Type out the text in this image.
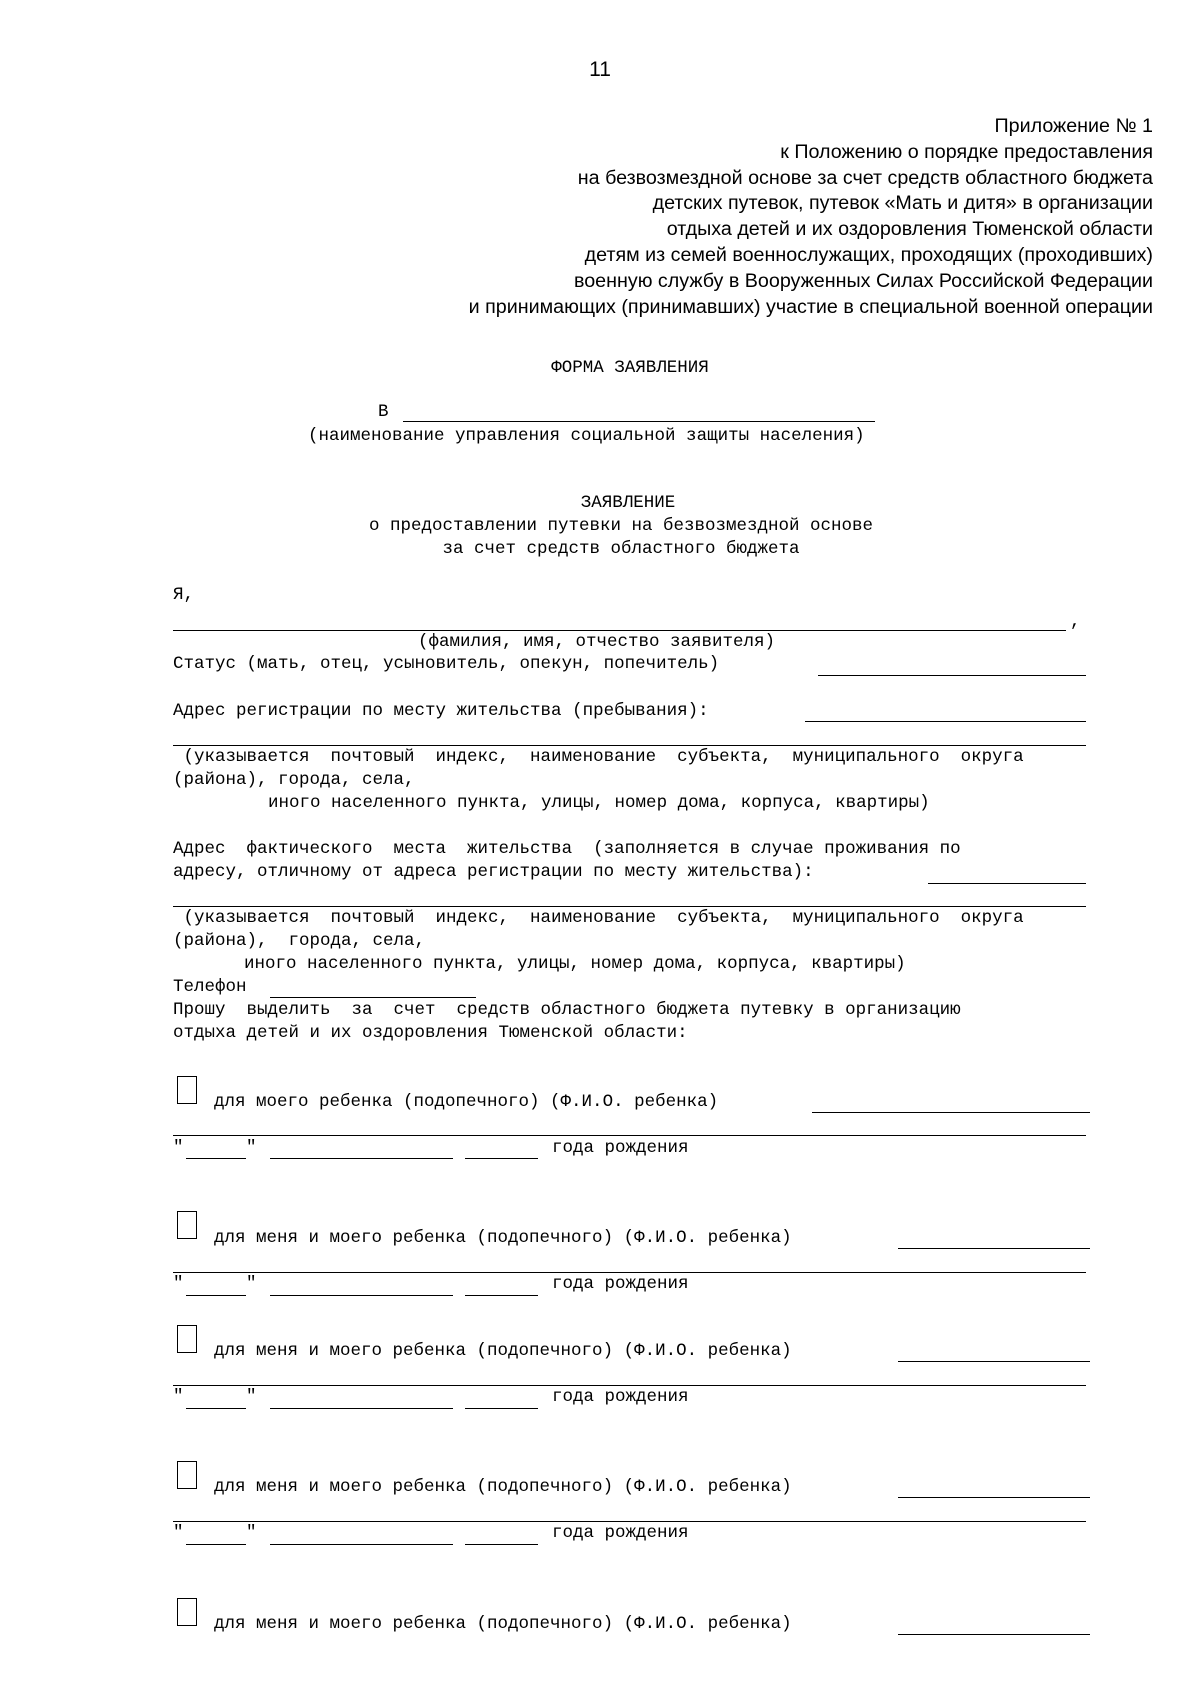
11
Приложение № 1
к Положению о порядке предоставления
на безвозмездной основе за счет средств областного бюджета
детских путевок, путевок «Мать и дитя» в организации
отдыха детей и их оздоровления Тюменской области
детям из семей военнослужащих, проходящих (проходивших)
военную службу в Вооруженных Силах Российской Федерации
и принимающих (принимавших) участие в специальной военной операции
ФОРМА ЗАЯВЛЕНИЯ
В
(наименование управления социальной защиты населения)
ЗАЯВЛЕНИЕ
о предоставлении путевки на безвозмездной основе
за счет средств областного бюджета
Я,
,
(фамилия, имя, отчество заявителя)
Статус (мать, отец, усыновитель, опекун, попечитель)
Адрес регистрации по месту жительства (пребывания):
(указывается  почтовый  индекс,  наименование  субъекта,  муниципального  округа
(района), города, села,
иного населенного пункта, улицы, номер дома, корпуса, квартиры)
Адрес  фактического  места  жительства  (заполняется в случае проживания по
адресу, отличному от адреса регистрации по месту жительства):
(указывается  почтовый  индекс,  наименование  субъекта,  муниципального  округа
(района),  города, села,
иного населенного пункта, улицы, номер дома, корпуса, квартиры)
Телефон
Прошу  выделить  за  счет  средств областного бюджета путевку в организацию
отдыха детей и их оздоровления Тюменской области:
для моего ребенка (подопечного) (Ф.И.О. ребенка)
"	"	года рождения
для меня и моего ребенка (подопечного) (Ф.И.О. ребенка)
"	"	года рождения
для меня и моего ребенка (подопечного) (Ф.И.О. ребенка)
"	"	года рождения
для меня и моего ребенка (подопечного) (Ф.И.О. ребенка)
"	"	года рождения
для меня и моего ребенка (подопечного) (Ф.И.О. ребенка)
